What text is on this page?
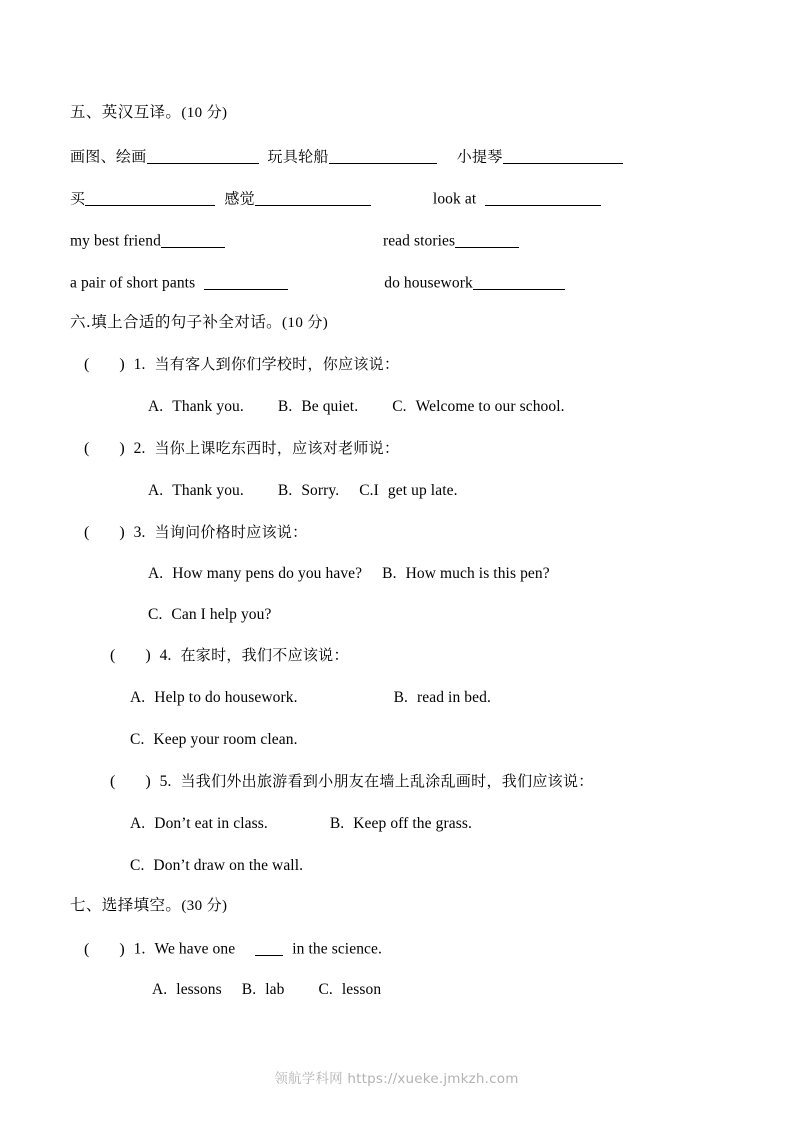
五、英汉互译。(10 分)
画图、绘画	玩具轮船	小提琴
买	感觉	look at
my best friend	read stories
a pair of short pants	do housework
六.填上合适的句子补全对话。(10 分)
( ) 1. 当有客人到你们学校时，你应该说：
A. Thank you. B. Be quiet. C. Welcome to our school.
( ) 2. 当你上课吃东西时，应该对老师说：
A. Thank you. B. Sorry. C.I get up late.
( ) 3. 当询问价格时应该说：
A. How many pens do you have? B. How much is this pen?
C. Can I help you?
( ) 4. 在家时，我们不应该说：
A. Help to do housework.	B. read in bed.
C. Keep your room clean.
( ) 5. 当我们外出旅游看到小朋友在墙上乱涂乱画时，我们应该说：
A. Don’t eat in class.	B. Keep off the grass.
C. Don’t draw on the wall.
七、选择填空。(30 分)
( ) 1. We have one	in the science.
A. lessons B. lab C. lesson
领航学科网 https://xueke.jmkzh.com
